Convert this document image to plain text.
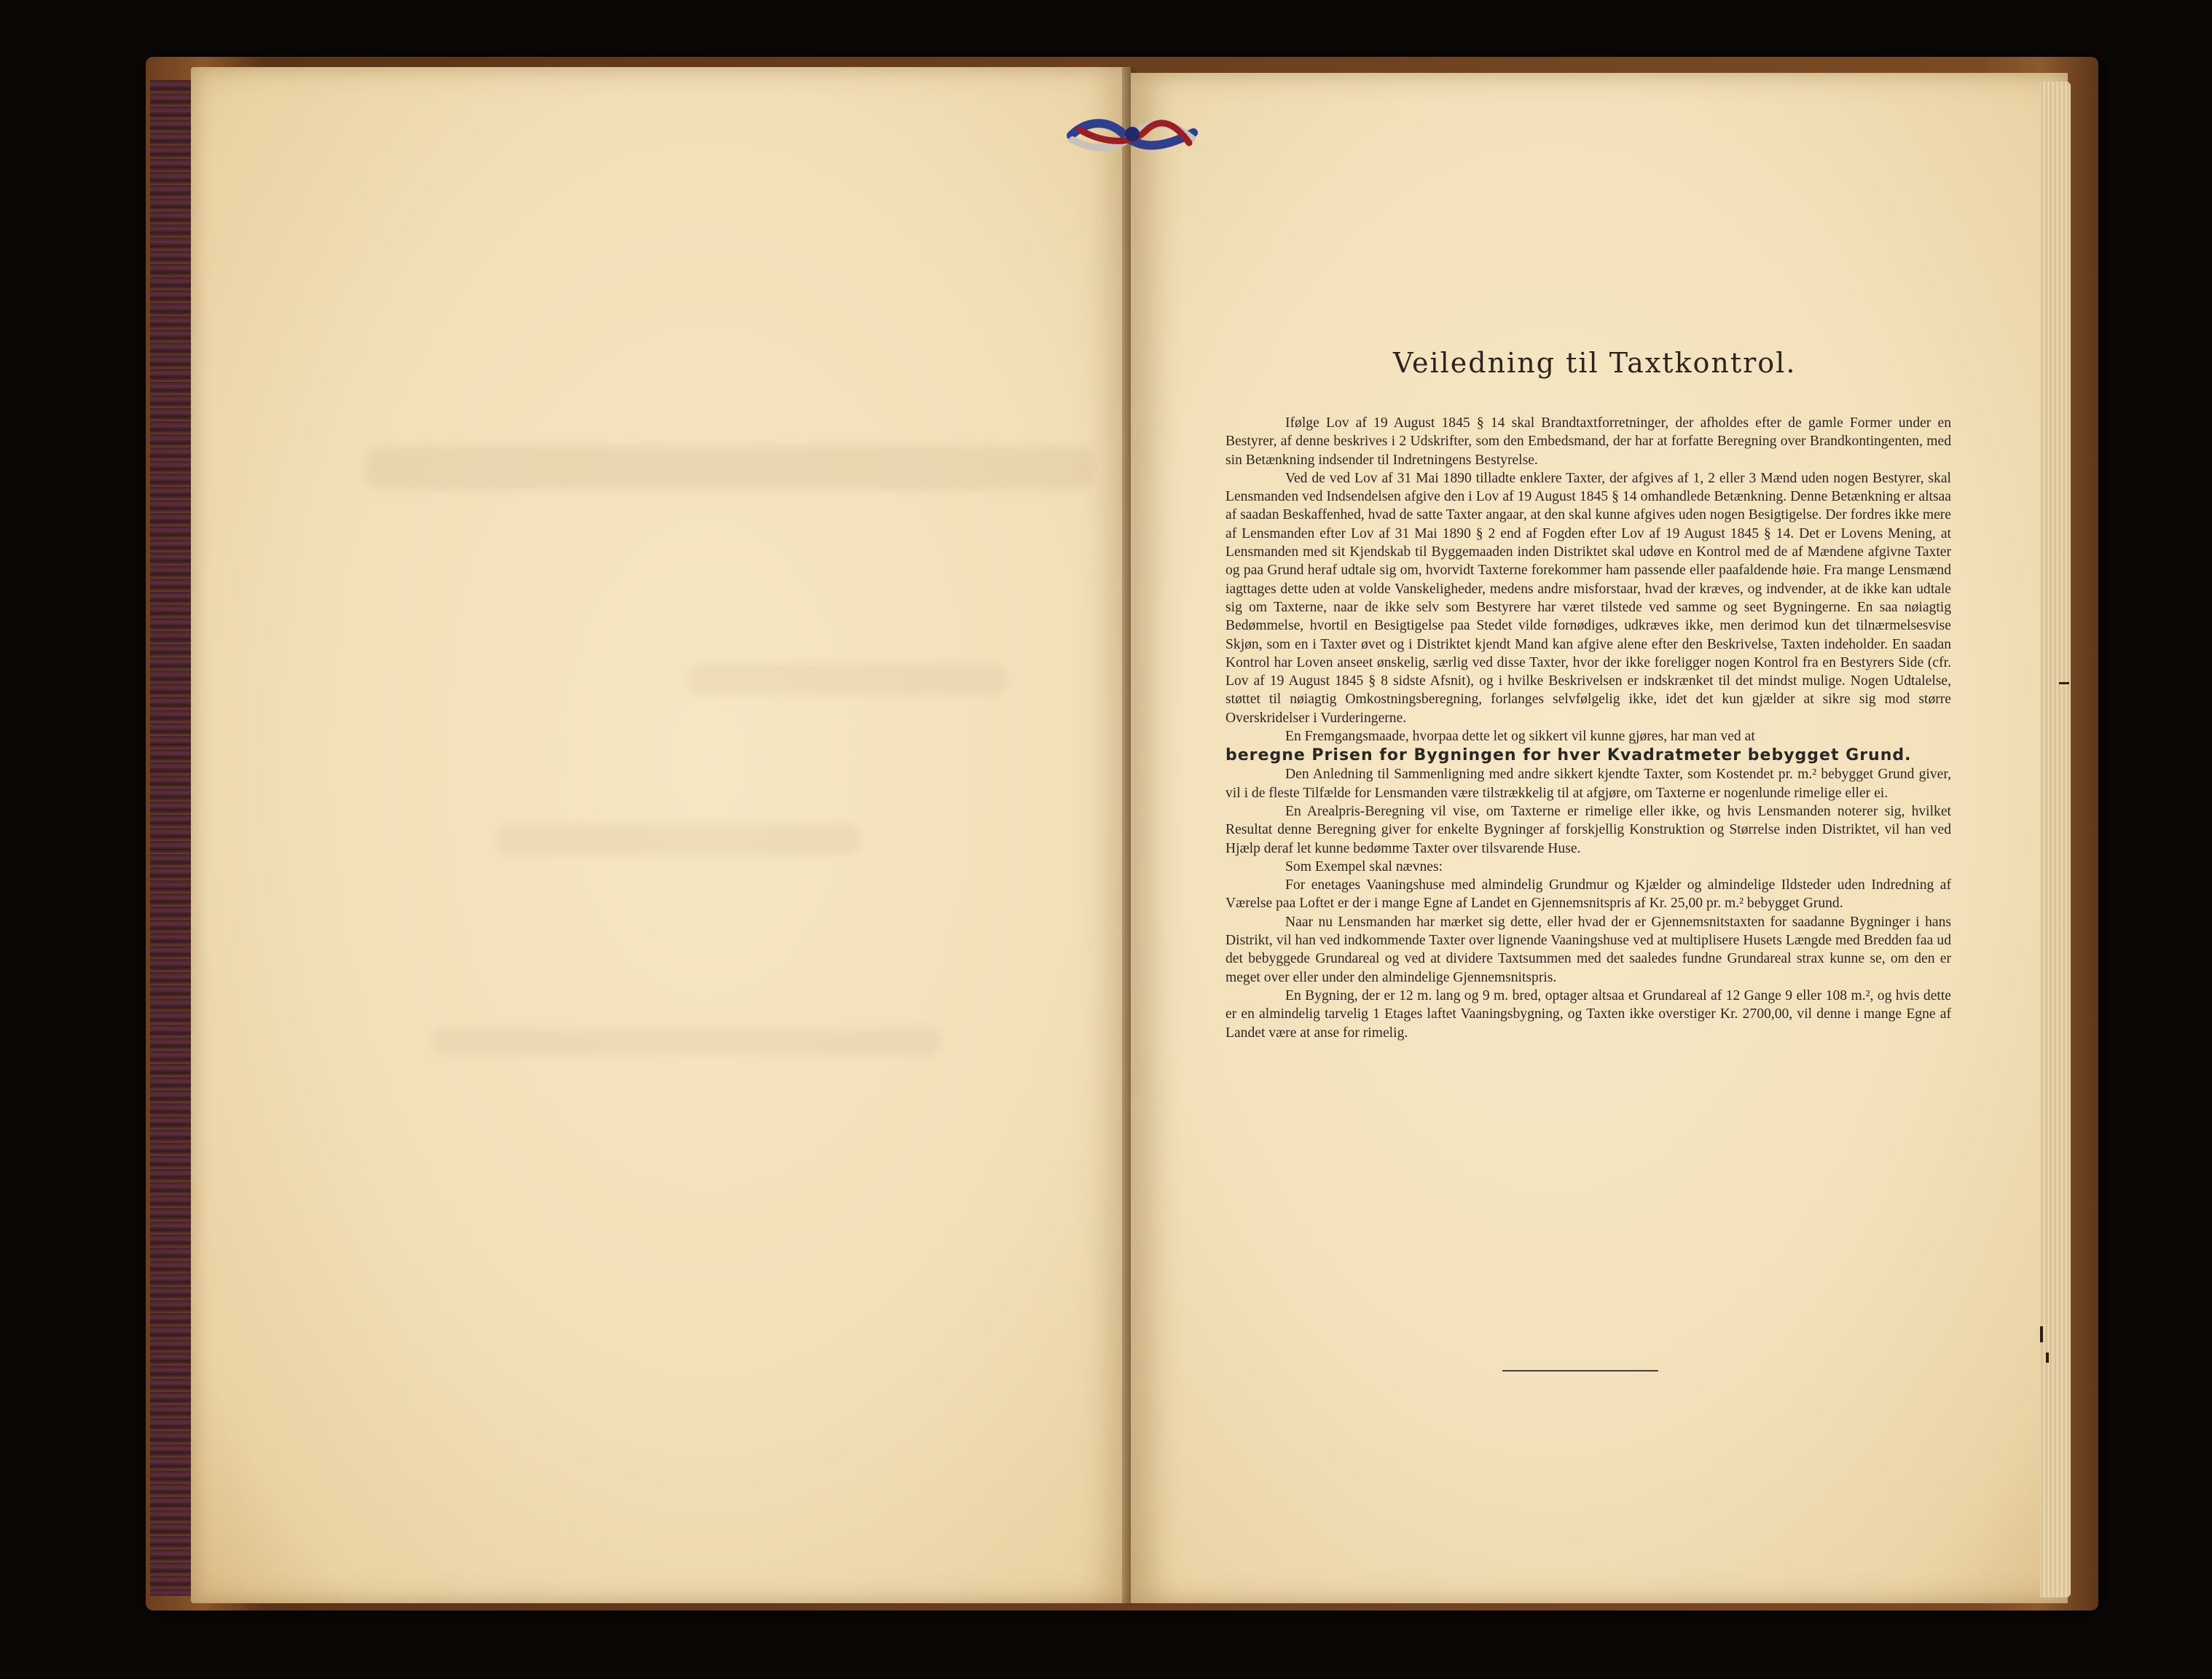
Veiledning til Taxtkontrol.

Ifølge Lov af 19 August 1845 § 14 skal Brandtaxtforretninger, der afholdes efter de gamle Former under en Bestyrer, af denne beskrives i 2 Udskrifter, som den Embedsmand, der har at forfatte Beregning over Brandkontingenten, med sin Betænkning indsender til Indretningens Bestyrelse.

Ved de ved Lov af 31 Mai 1890 tilladte enklere Taxter, der afgives af 1, 2 eller 3 Mænd uden nogen Bestyrer, skal Lensmanden ved Indsendelsen afgive den i Lov af 19 August 1845 § 14 omhandlede Betænkning. Denne Betænkning er altsaa af saadan Beskaffenhed, hvad de satte Taxter angaar, at den skal kunne afgives uden nogen Besigtigelse. Der fordres ikke mere af Lensmanden efter Lov af 31 Mai 1890 § 2 end af Fogden efter Lov af 19 August 1845 § 14. Det er Lovens Mening, at Lensmanden med sit Kjendskab til Byggemaaden inden Distriktet skal udøve en Kontrol med de af Mændene afgivne Taxter og paa Grund heraf udtale sig om, hvorvidt Taxterne forekommer ham passende eller paafaldende høie. Fra mange Lensmænd iagttages dette uden at volde Vanskeligheder, medens andre misforstaar, hvad der kræves, og indvender, at de ikke kan udtale sig om Taxterne, naar de ikke selv som Bestyrere har været tilstede ved samme og seet Bygningerne. En saa nøiagtig Bedømmelse, hvortil en Besigtigelse paa Stedet vilde fornødiges, udkræves ikke, men derimod kun det tilnærmelsesvise Skjøn, som en i Taxter øvet og i Distriktet kjendt Mand kan afgive alene efter den Beskrivelse, Taxten indeholder. En saadan Kontrol har Loven anseet ønskelig, særlig ved disse Taxter, hvor der ikke foreligger nogen Kontrol fra en Bestyrers Side (cfr. Lov af 19 August 1845 § 8 sidste Afsnit), og i hvilke Beskrivelsen er indskrænket til det mindst mulige. Nogen Udtalelse, støttet til nøiagtig Omkostningsberegning, forlanges selvfølgelig ikke, idet det kun gjælder at sikre sig mod større Overskridelser i Vurderingerne.

En Fremgangsmaade, hvorpaa dette let og sikkert vil kunne gjøres, har man ved at

beregne Prisen for Bygningen for hver Kvadratmeter bebygget Grund.

Den Anledning til Sammenligning med andre sikkert kjendte Taxter, som Kostendet pr. m.² bebygget Grund giver, vil i de fleste Tilfælde for Lensmanden være tilstrækkelig til at afgjøre, om Taxterne er nogenlunde rimelige eller ei.

En Arealpris-Beregning vil vise, om Taxterne er rimelige eller ikke, og hvis Lensmanden noterer sig, hvilket Resultat denne Beregning giver for enkelte Bygninger af forskjellig Konstruktion og Størrelse inden Distriktet, vil han ved Hjælp deraf let kunne bedømme Taxter over tilsvarende Huse.

Som Exempel skal nævnes:

For enetages Vaaningshuse med almindelig Grundmur og Kjælder og almindelige Ildsteder uden Indredning af Værelse paa Loftet er der i mange Egne af Landet en Gjennemsnitspris af Kr. 25,00 pr. m.² bebygget Grund.

Naar nu Lensmanden har mærket sig dette, eller hvad der er Gjennemsnitstaxten for saadanne Bygninger i hans Distrikt, vil han ved indkommende Taxter over lignende Vaaningshuse ved at multiplisere Husets Længde med Bredden faa ud det bebyggede Grundareal og ved at dividere Taxtsummen med det saaledes fundne Grundareal strax kunne se, om den er meget over eller under den almindelige Gjennemsnitspris.

En Bygning, der er 12 m. lang og 9 m. bred, optager altsaa et Grundareal af 12 Gange 9 eller 108 m.², og hvis dette er en almindelig tarvelig 1 Etages laftet Vaaningsbygning, og Taxten ikke overstiger Kr. 2700,00, vil denne i mange Egne af Landet være at anse for rimelig.
